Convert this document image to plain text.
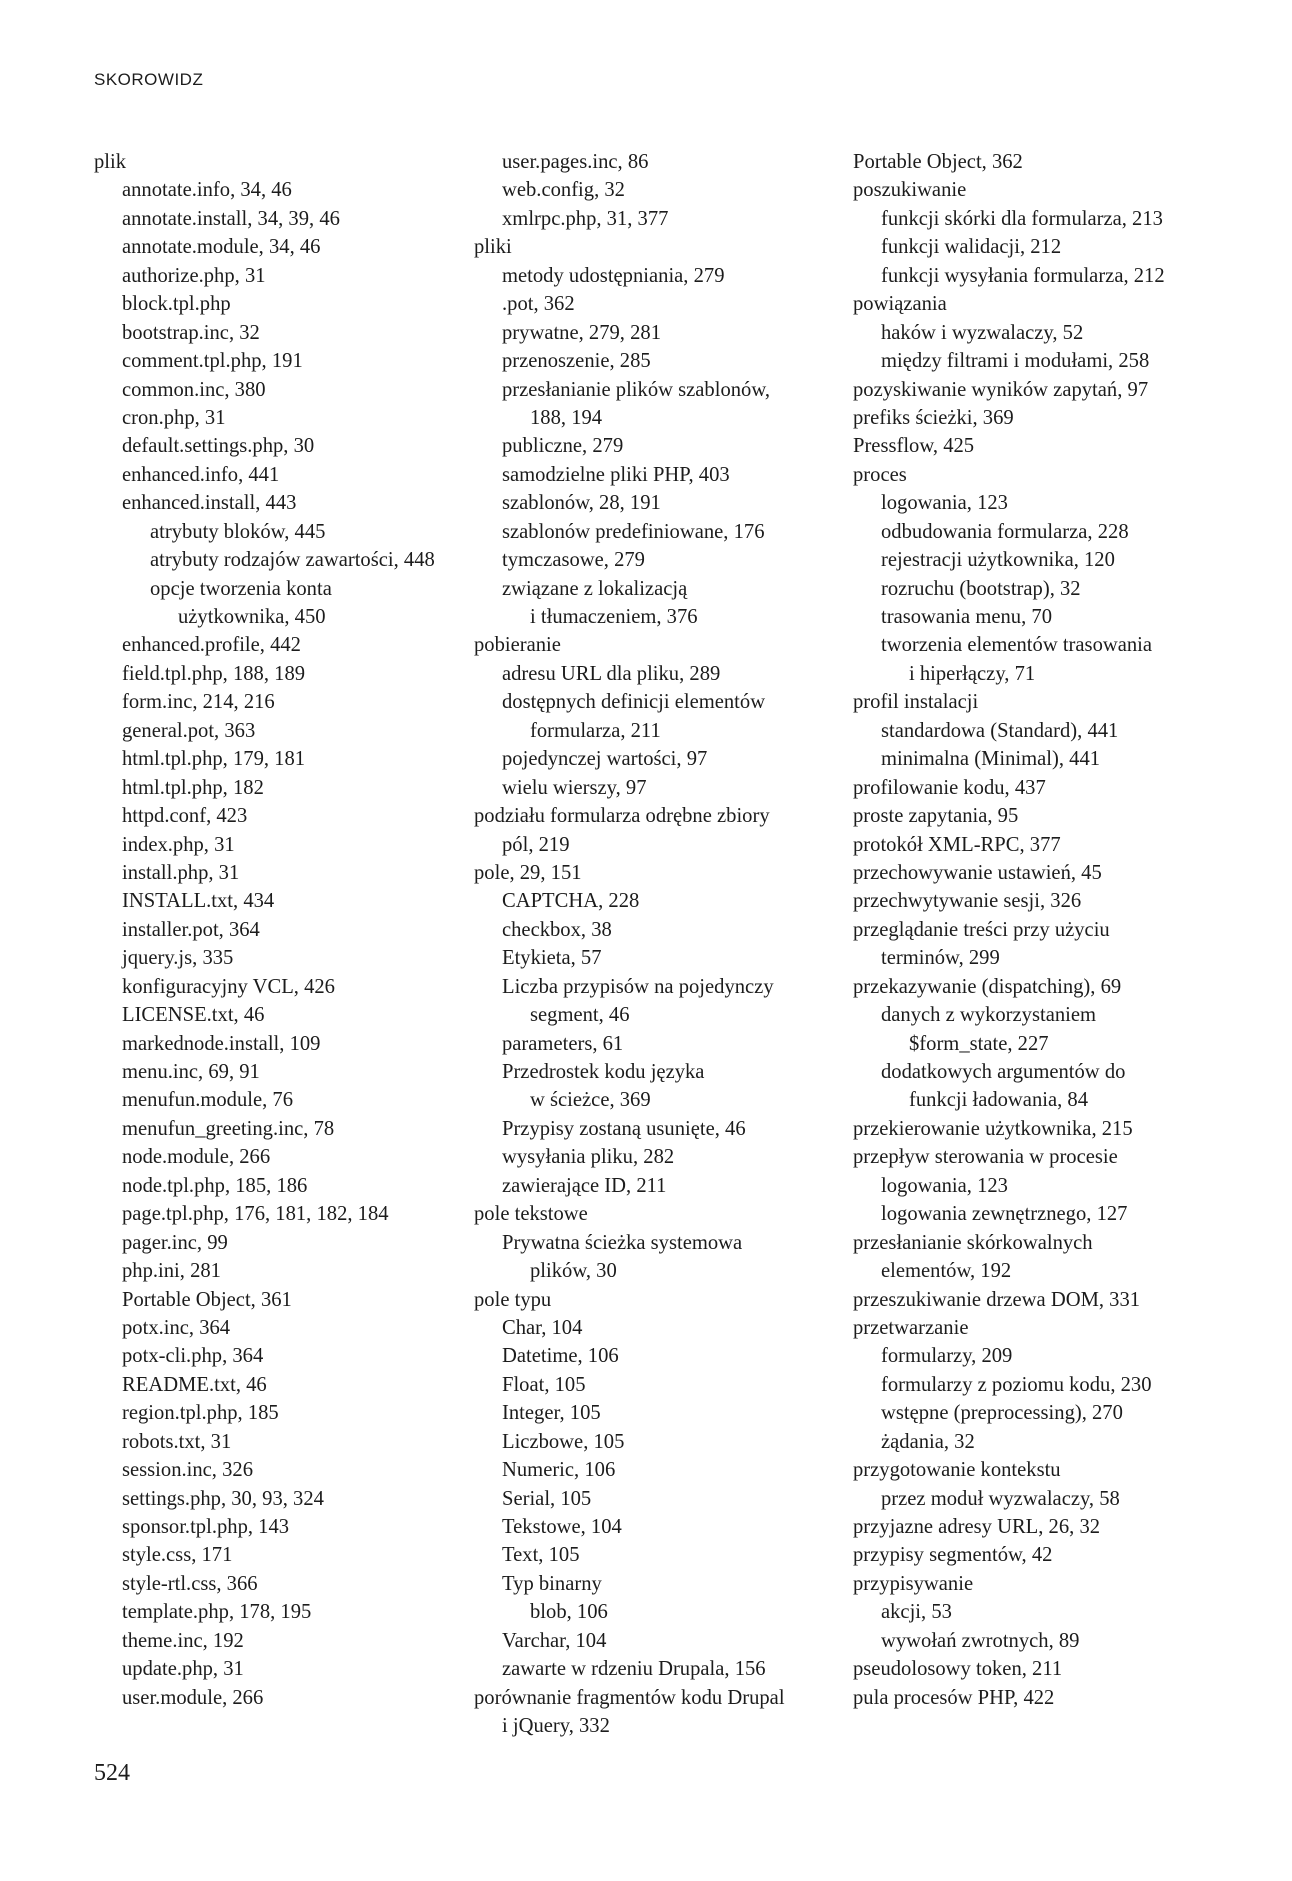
SKOROWIDZ
plik
annotate.info, 34, 46
annotate.install, 34, 39, 46
annotate.module, 34, 46
authorize.php, 31
block.tpl.php
bootstrap.inc, 32
comment.tpl.php, 191
common.inc, 380
cron.php, 31
default.settings.php, 30
enhanced.info, 441
enhanced.install, 443
atrybuty bloków, 445
atrybuty rodzajów zawartości, 448
opcje tworzenia konta
użytkownika, 450
enhanced.profile, 442
field.tpl.php, 188, 189
form.inc, 214, 216
general.pot, 363
html.tpl.php, 179, 181
html.tpl.php, 182
httpd.conf, 423
index.php, 31
install.php, 31
INSTALL.txt, 434
installer.pot, 364
jquery.js, 335
konfiguracyjny VCL, 426
LICENSE.txt, 46
markednode.install, 109
menu.inc, 69, 91
menufun.module, 76
menufun_greeting.inc, 78
node.module, 266
node.tpl.php, 185, 186
page.tpl.php, 176, 181, 182, 184
pager.inc, 99
php.ini, 281
Portable Object, 361
potx.inc, 364
potx-cli.php, 364
README.txt, 46
region.tpl.php, 185
robots.txt, 31
session.inc, 326
settings.php, 30, 93, 324
sponsor.tpl.php, 143
style.css, 171
style-rtl.css, 366
template.php, 178, 195
theme.inc, 192
update.php, 31
user.module, 266
user.pages.inc, 86
web.config, 32
xmlrpc.php, 31, 377
pliki
metody udostępniania, 279
.pot, 362
prywatne, 279, 281
przenoszenie, 285
przesłanianie plików szablonów,
188, 194
publiczne, 279
samodzielne pliki PHP, 403
szablonów, 28, 191
szablonów predefiniowane, 176
tymczasowe, 279
związane z lokalizacją
i tłumaczeniem, 376
pobieranie
adresu URL dla pliku, 289
dostępnych definicji elementów
formularza, 211
pojedynczej wartości, 97
wielu wierszy, 97
podziału formularza odrębne zbiory
pól, 219
pole, 29, 151
CAPTCHA, 228
checkbox, 38
Etykieta, 57
Liczba przypisów na pojedynczy
segment, 46
parameters, 61
Przedrostek kodu języka
w ścieżce, 369
Przypisy zostaną usunięte, 46
wysyłania pliku, 282
zawierające ID, 211
pole tekstowe
Prywatna ścieżka systemowa
plików, 30
pole typu
Char, 104
Datetime, 106
Float, 105
Integer, 105
Liczbowe, 105
Numeric, 106
Serial, 105
Tekstowe, 104
Text, 105
Typ binarny
blob, 106
Varchar, 104
zawarte w rdzeniu Drupala, 156
porównanie fragmentów kodu Drupal
i jQuery, 332
Portable Object, 362
poszukiwanie
funkcji skórki dla formularza, 213
funkcji walidacji, 212
funkcji wysyłania formularza, 212
powiązania
haków i wyzwalaczy, 52
między filtrami i modułami, 258
pozyskiwanie wyników zapytań, 97
prefiks ścieżki, 369
Pressflow, 425
proces
logowania, 123
odbudowania formularza, 228
rejestracji użytkownika, 120
rozruchu (bootstrap), 32
trasowania menu, 70
tworzenia elementów trasowania
i hiperłączy, 71
profil instalacji
standardowa (Standard), 441
minimalna (Minimal), 441
profilowanie kodu, 437
proste zapytania, 95
protokół XML-RPC, 377
przechowywanie ustawień, 45
przechwytywanie sesji, 326
przeglądanie treści przy użyciu
terminów, 299
przekazywanie (dispatching), 69
danych z wykorzystaniem
$form_state, 227
dodatkowych argumentów do
funkcji ładowania, 84
przekierowanie użytkownika, 215
przepływ sterowania w procesie
logowania, 123
logowania zewnętrznego, 127
przesłanianie skórkowalnych
elementów, 192
przeszukiwanie drzewa DOM, 331
przetwarzanie
formularzy, 209
formularzy z poziomu kodu, 230
wstępne (preprocessing), 270
żądania, 32
przygotowanie kontekstu
przez moduł wyzwalaczy, 58
przyjazne adresy URL, 26, 32
przypisy segmentów, 42
przypisywanie
akcji, 53
wywołań zwrotnych, 89
pseudolosowy token, 211
pula procesów PHP, 422
524
